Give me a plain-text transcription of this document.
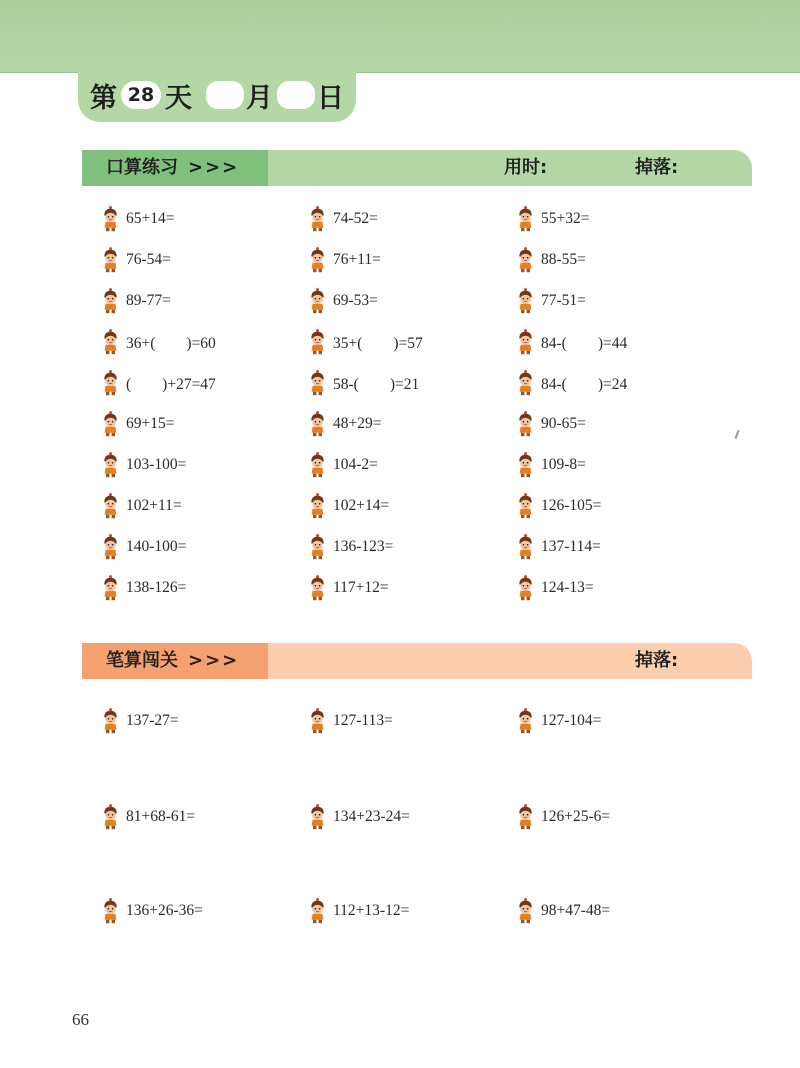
第 28 天 月 日
口算练习 >>>	用时:	掉落:
笔算闯关 >>>	掉落:
65+14=	74-52=	55+32=
76-54=	76+11=	88-55=
89-77=	69-53=	77-51=
36+(　　)=60	35+(　　)=57	84-(　　)=44
(　　)+27=47	58-(　　)=21	84-(　　)=24
69+15=	48+29=	90-65=
103-100=	104-2=	109-8=
102+11=	102+14=	126-105=
140-100=	136-123=	137-114=
138-126=	117+12=	124-13=
137-27=	127-113=	127-104=
81+68-61=	134+23-24=	126+25-6=
136+26-36=	112+13-12=	98+47-48=
66
